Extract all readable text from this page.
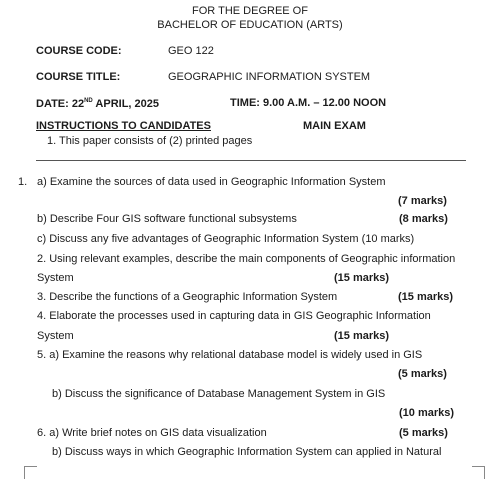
FOR THE DEGREE OF
BACHELOR OF EDUCATION (ARTS)
COURSE CODE:	GEO 122
COURSE TITLE:	GEOGRAPHIC INFORMATION SYSTEM
DATE: 22ND APRIL, 2025	TIME: 9.00 A.M. – 12.00 NOON
INSTRUCTIONS TO CANDIDATES	MAIN EXAM
1. This paper consists of (2) printed pages
1. a) Examine the sources of data used in Geographic Information System
(7 marks)
b) Describe Four GIS software functional subsystems	(8 marks)
c) Discuss any five advantages of Geographic Information System (10 marks)
2. Using relevant examples, describe the main components of Geographic information
System	(15 marks)
3. Describe the functions of a Geographic Information System	(15 marks)
4. Elaborate the processes used in capturing data in GIS Geographic Information
System	(15 marks)
5. a) Examine the reasons why relational database model is widely used in GIS
(5 marks)
b) Discuss the significance of Database Management System in GIS
(10 marks)
6. a) Write brief notes on GIS data visualization	(5 marks)
b) Discuss ways in which Geographic Information System can applied in Natural
